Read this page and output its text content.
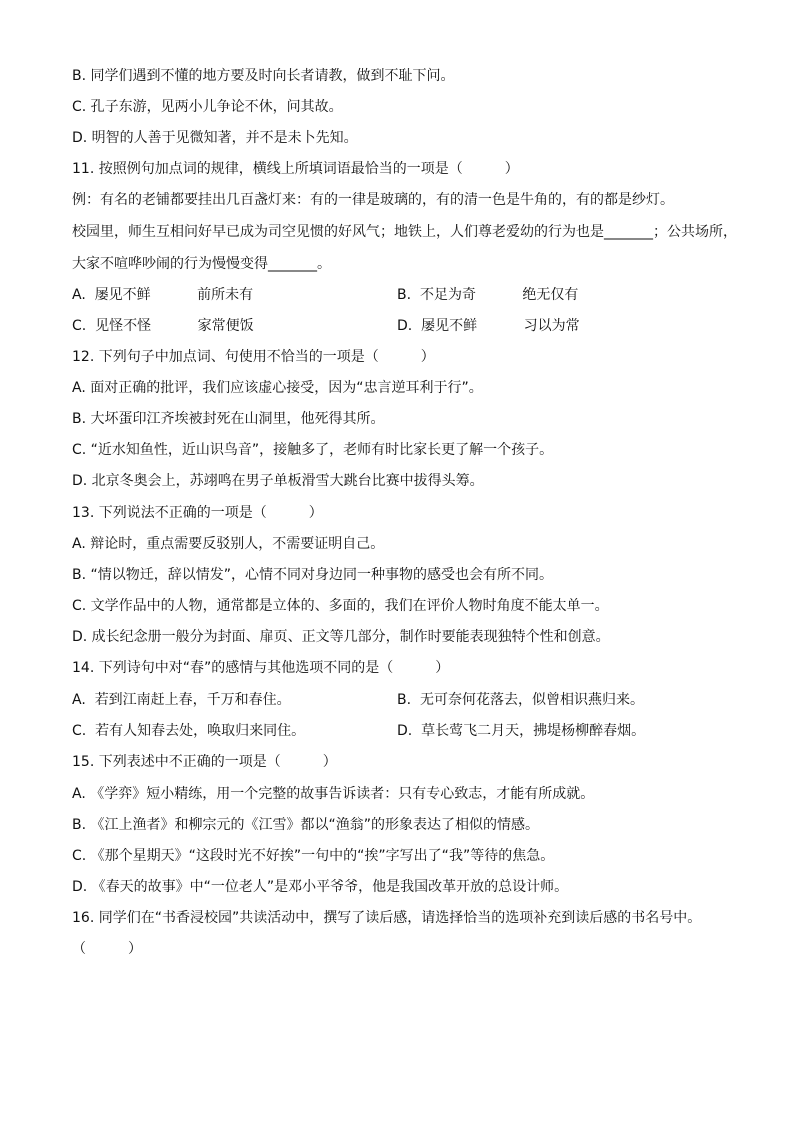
B. 同学们遇到不懂的地方要及时向长者请教，做到不耻下问。
C. 孔子东游，见两小儿争论不休，问其故。
D. 明智的人善于见微知著，并不是未卜先知。
11. 按照例句加点词的规律，横线上所填词语最恰当的一项是（　　　）
例：有名的老铺都要挂出几百盏灯来：有的一律是玻璃的，有的清一色是牛角的，有的都是纱灯。
校园里，师生互相问好早已成为司空见惯的好风气；地铁上，人们尊老爱幼的行为也是_______；公共场所，
大家不喧哗吵闹的行为慢慢变得_______。
A. 屡见不鲜	前所未有	B. 不足为奇	绝无仅有
C. 见怪不怪	家常便饭	D. 屡见不鲜	习以为常
12. 下列句子中加点词、句使用不恰当的一项是（　　　）
A. 面对正确的批评，我们应该虚心接受，因为“忠言逆耳利于行”。
B. 大坏蛋印江齐埃被封死在山洞里，他死得其所。
C. “近水知鱼性，近山识鸟音”，接触多了，老师有时比家长更了解一个孩子。
D. 北京冬奥会上，苏翊鸣在男子单板滑雪大跳台比赛中拔得头筹。
13. 下列说法不正确的一项是（　　　）
A. 辩论时，重点需要反驳别人，不需要证明自己。
B. “情以物迁，辞以情发”，心情不同对身边同一种事物的感受也会有所不同。
C. 文学作品中的人物，通常都是立体的、多面的，我们在评价人物时角度不能太单一。
D. 成长纪念册一般分为封面、扉页、正文等几部分，制作时要能表现独特个性和创意。
14. 下列诗句中对“春”的感情与其他选项不同的是（　　　）
A. 若到江南赶上春，千万和春住。	B. 无可奈何花落去，似曾相识燕归来。
C. 若有人知春去处，唤取归来同住。	D. 草长莺飞二月天，拂堤杨柳醉春烟。
15. 下列表述中不正确的一项是（　　　）
A. 《学弈》短小精练，用一个完整的故事告诉读者：只有专心致志，才能有所成就。
B. 《江上渔者》和柳宗元的《江雪》都以“渔翁”的形象表达了相似的情感。
C. 《那个星期天》“这段时光不好挨”一句中的“挨”字写出了“我”等待的焦急。
D. 《春天的故事》中“一位老人”是邓小平爷爷，他是我国改革开放的总设计师。
16. 同学们在“书香浸校园”共读活动中，撰写了读后感，请选择恰当的选项补充到读后感的书名号中。
（　　　）
